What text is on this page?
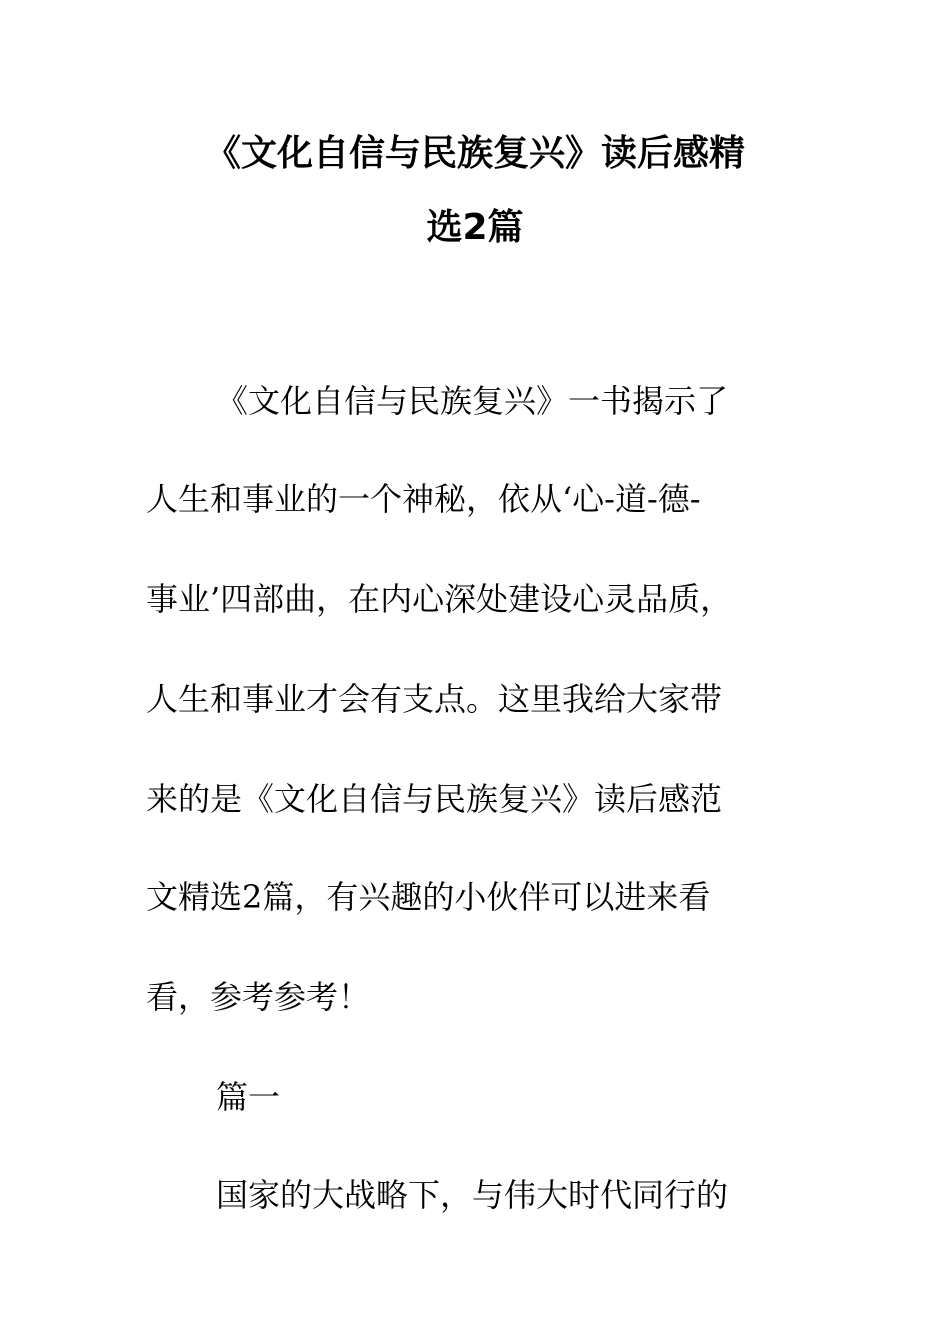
《文化自信与民族复兴》读后感精
选2篇
《文化自信与民族复兴》一书揭示了
人生和事业的一个神秘，依从‘心-道-德-
事业’四部曲，在内心深处建设心灵品质，
人生和事业才会有支点。这里我给大家带
来的是《文化自信与民族复兴》读后感范
文精选2篇，有兴趣的小伙伴可以进来看
看，参考参考！
篇一
国家的大战略下，与伟大时代同行的
